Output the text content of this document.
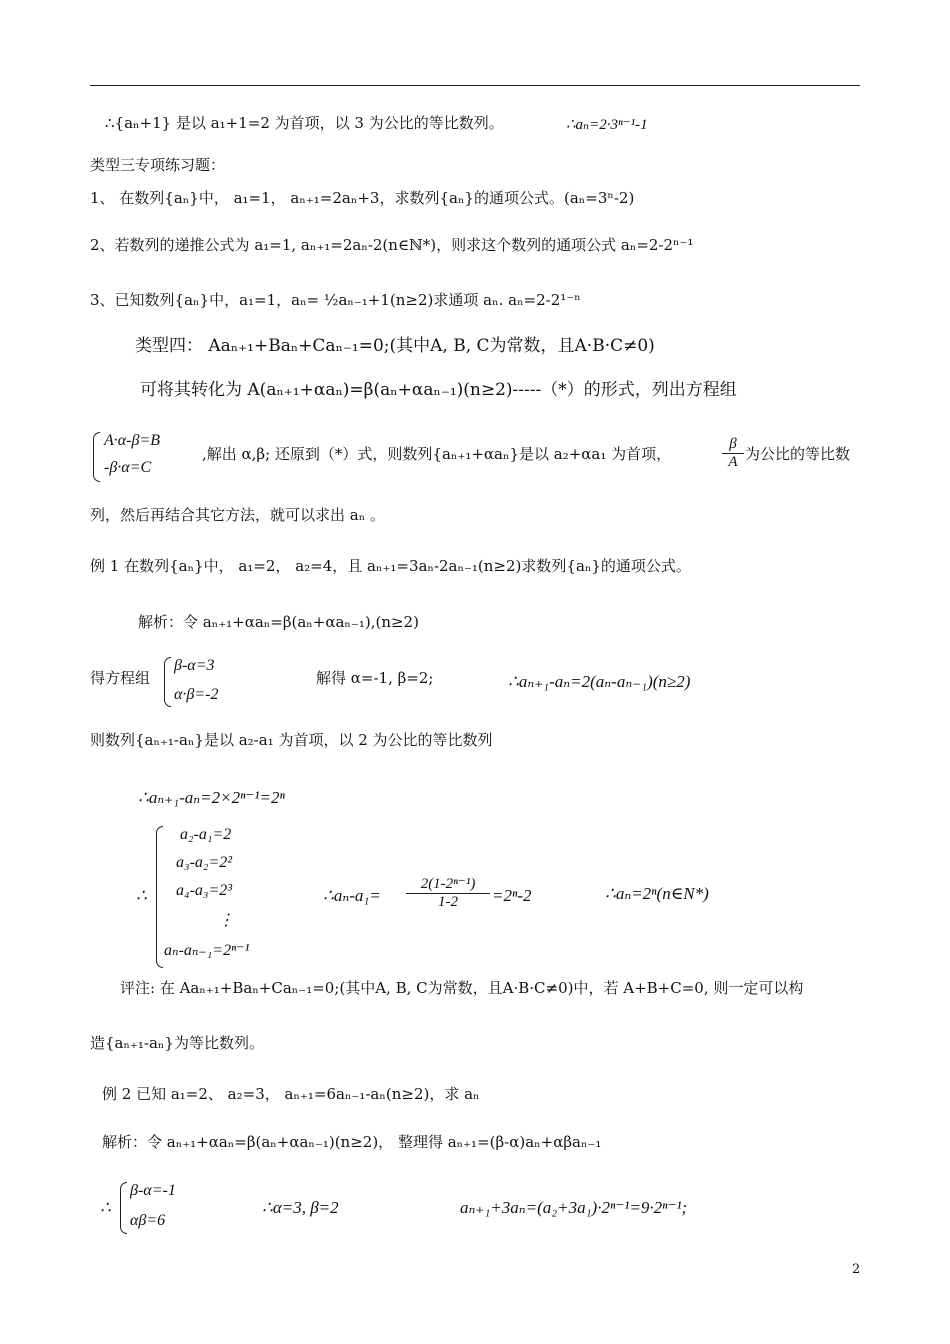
∴{aₙ+1} 是以 a₁+1=2 为首项，以 3 为公比的等比数列。	∴aₙ=2·3ⁿ⁻¹-1
类型三专项练习题：
1、 在数列{aₙ}中， a₁=1， aₙ₊₁=2aₙ+3，求数列{aₙ}的通项公式。(aₙ=3ⁿ-2)
2、若数列的递推公式为 a₁=1, aₙ₊₁=2aₙ-2(n∈ℕ*)，则求这个数列的通项公式 aₙ=2-2ⁿ⁻¹
3、已知数列{aₙ}中，a₁=1，aₙ= ½aₙ₋₁+1(n≥2)求通项 aₙ. aₙ=2-2¹⁻ⁿ
类型四： Aaₙ₊₁+Baₙ+Caₙ₋₁=0;(其中A, B, C为常数，且A·B·C≠0)
可将其转化为 A(aₙ₊₁+αaₙ)=β(aₙ+αaₙ₋₁)(n≥2)-----（*）的形式，列出方程组
A·α-β=B
-β·α=C
,解出 α,β; 还原到（*）式，则数列{aₙ₊₁+αaₙ}是以 a₂+αa₁ 为首项，	$\frac{\beta}{A}$ 为公比的等比数
列，然后再结合其它方法，就可以求出 aₙ 。
例 1 在数列{aₙ}中， a₁=2， a₂=4，且 aₙ₊₁=3aₙ-2aₙ₋₁(n≥2)求数列{aₙ}的通项公式。
解析：令 aₙ₊₁+αaₙ=β(aₙ+αaₙ₋₁),(n≥2)
得方程组
β-α=3
α·β=-2
解得 α=-1, β=2;	∴aₙ₊₁-aₙ=2(aₙ-aₙ₋₁)(n≥2)
则数列{aₙ₊₁-aₙ}是以 a₂-a₁ 为首项，以 2 为公比的等比数列
∴aₙ₊₁-aₙ=2×2ⁿ⁻¹=2ⁿ
∴
a₂-a₁=2
a₃-a₂=2²
a₄-a₃=2³
⋮
aₙ-aₙ₋₁=2ⁿ⁻¹
∴aₙ-a₁= $\frac{\text{2(1-2ⁿ⁻¹)}}{1-2} =2^n-2$	∴aₙ=2ⁿ(n∈N*)
评注: 在 Aaₙ₊₁+Baₙ+Caₙ₋₁=0;(其中A, B, C为常数，且A·B·C≠0)中，若 A+B+C=0, 则一定可以构
造{aₙ₊₁-aₙ}为等比数列。
例 2 已知 a₁=2、 a₂=3， aₙ₊₁=6aₙ₋₁-aₙ(n≥2)，求 aₙ
解析：令 aₙ₊₁+αaₙ=β(aₙ+αaₙ₋₁)(n≥2)， 整理得 aₙ₊₁=(β-α)aₙ+αβaₙ₋₁
∴
β-α=-1
αβ=6
∴α=3, β=2	aₙ₊₁+3aₙ=(a₂+3a₁)·2ⁿ⁻¹=9·2ⁿ⁻¹;
2
